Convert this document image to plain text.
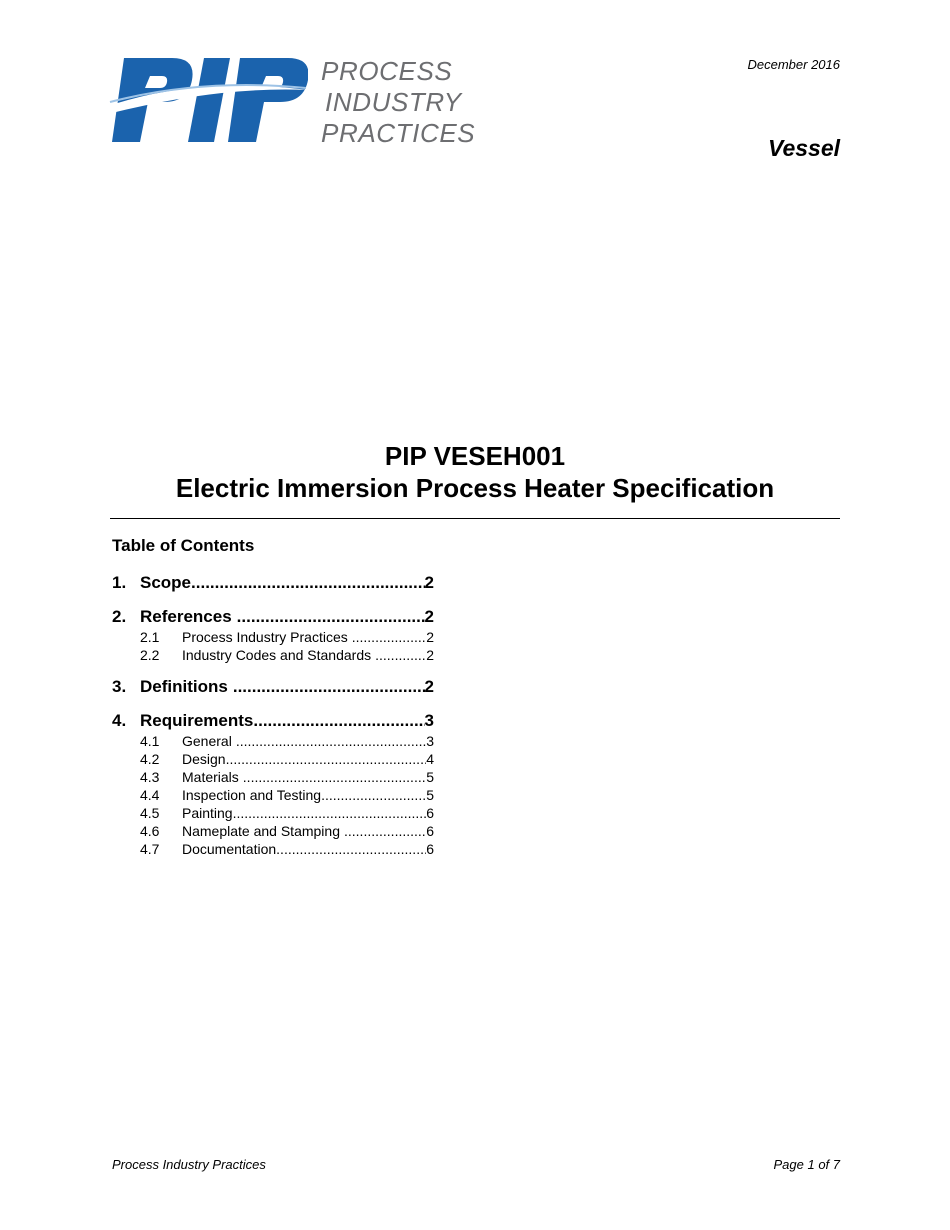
PROCESS
INDUSTRY
PRACTICES
December 2016
Vessel
PIP VESEH001
Electric Immersion Process Heater Specification
Table of Contents
1. Scope .....	2
2. References .....	2
2.1	Process Industry Practices .....	2
2.2	Industry Codes and Standards .....	2
3. Definitions .....	2
4. Requirements .....	3
4.1	General .....	3
4.2	Design .....	4
4.3	Materials .....	5
4.4	Inspection and Testing .....	5
4.5	Painting .....	6
4.6	Nameplate and Stamping .....	6
4.7	Documentation .....	6
Process Industry Practices	Page 1 of 7
